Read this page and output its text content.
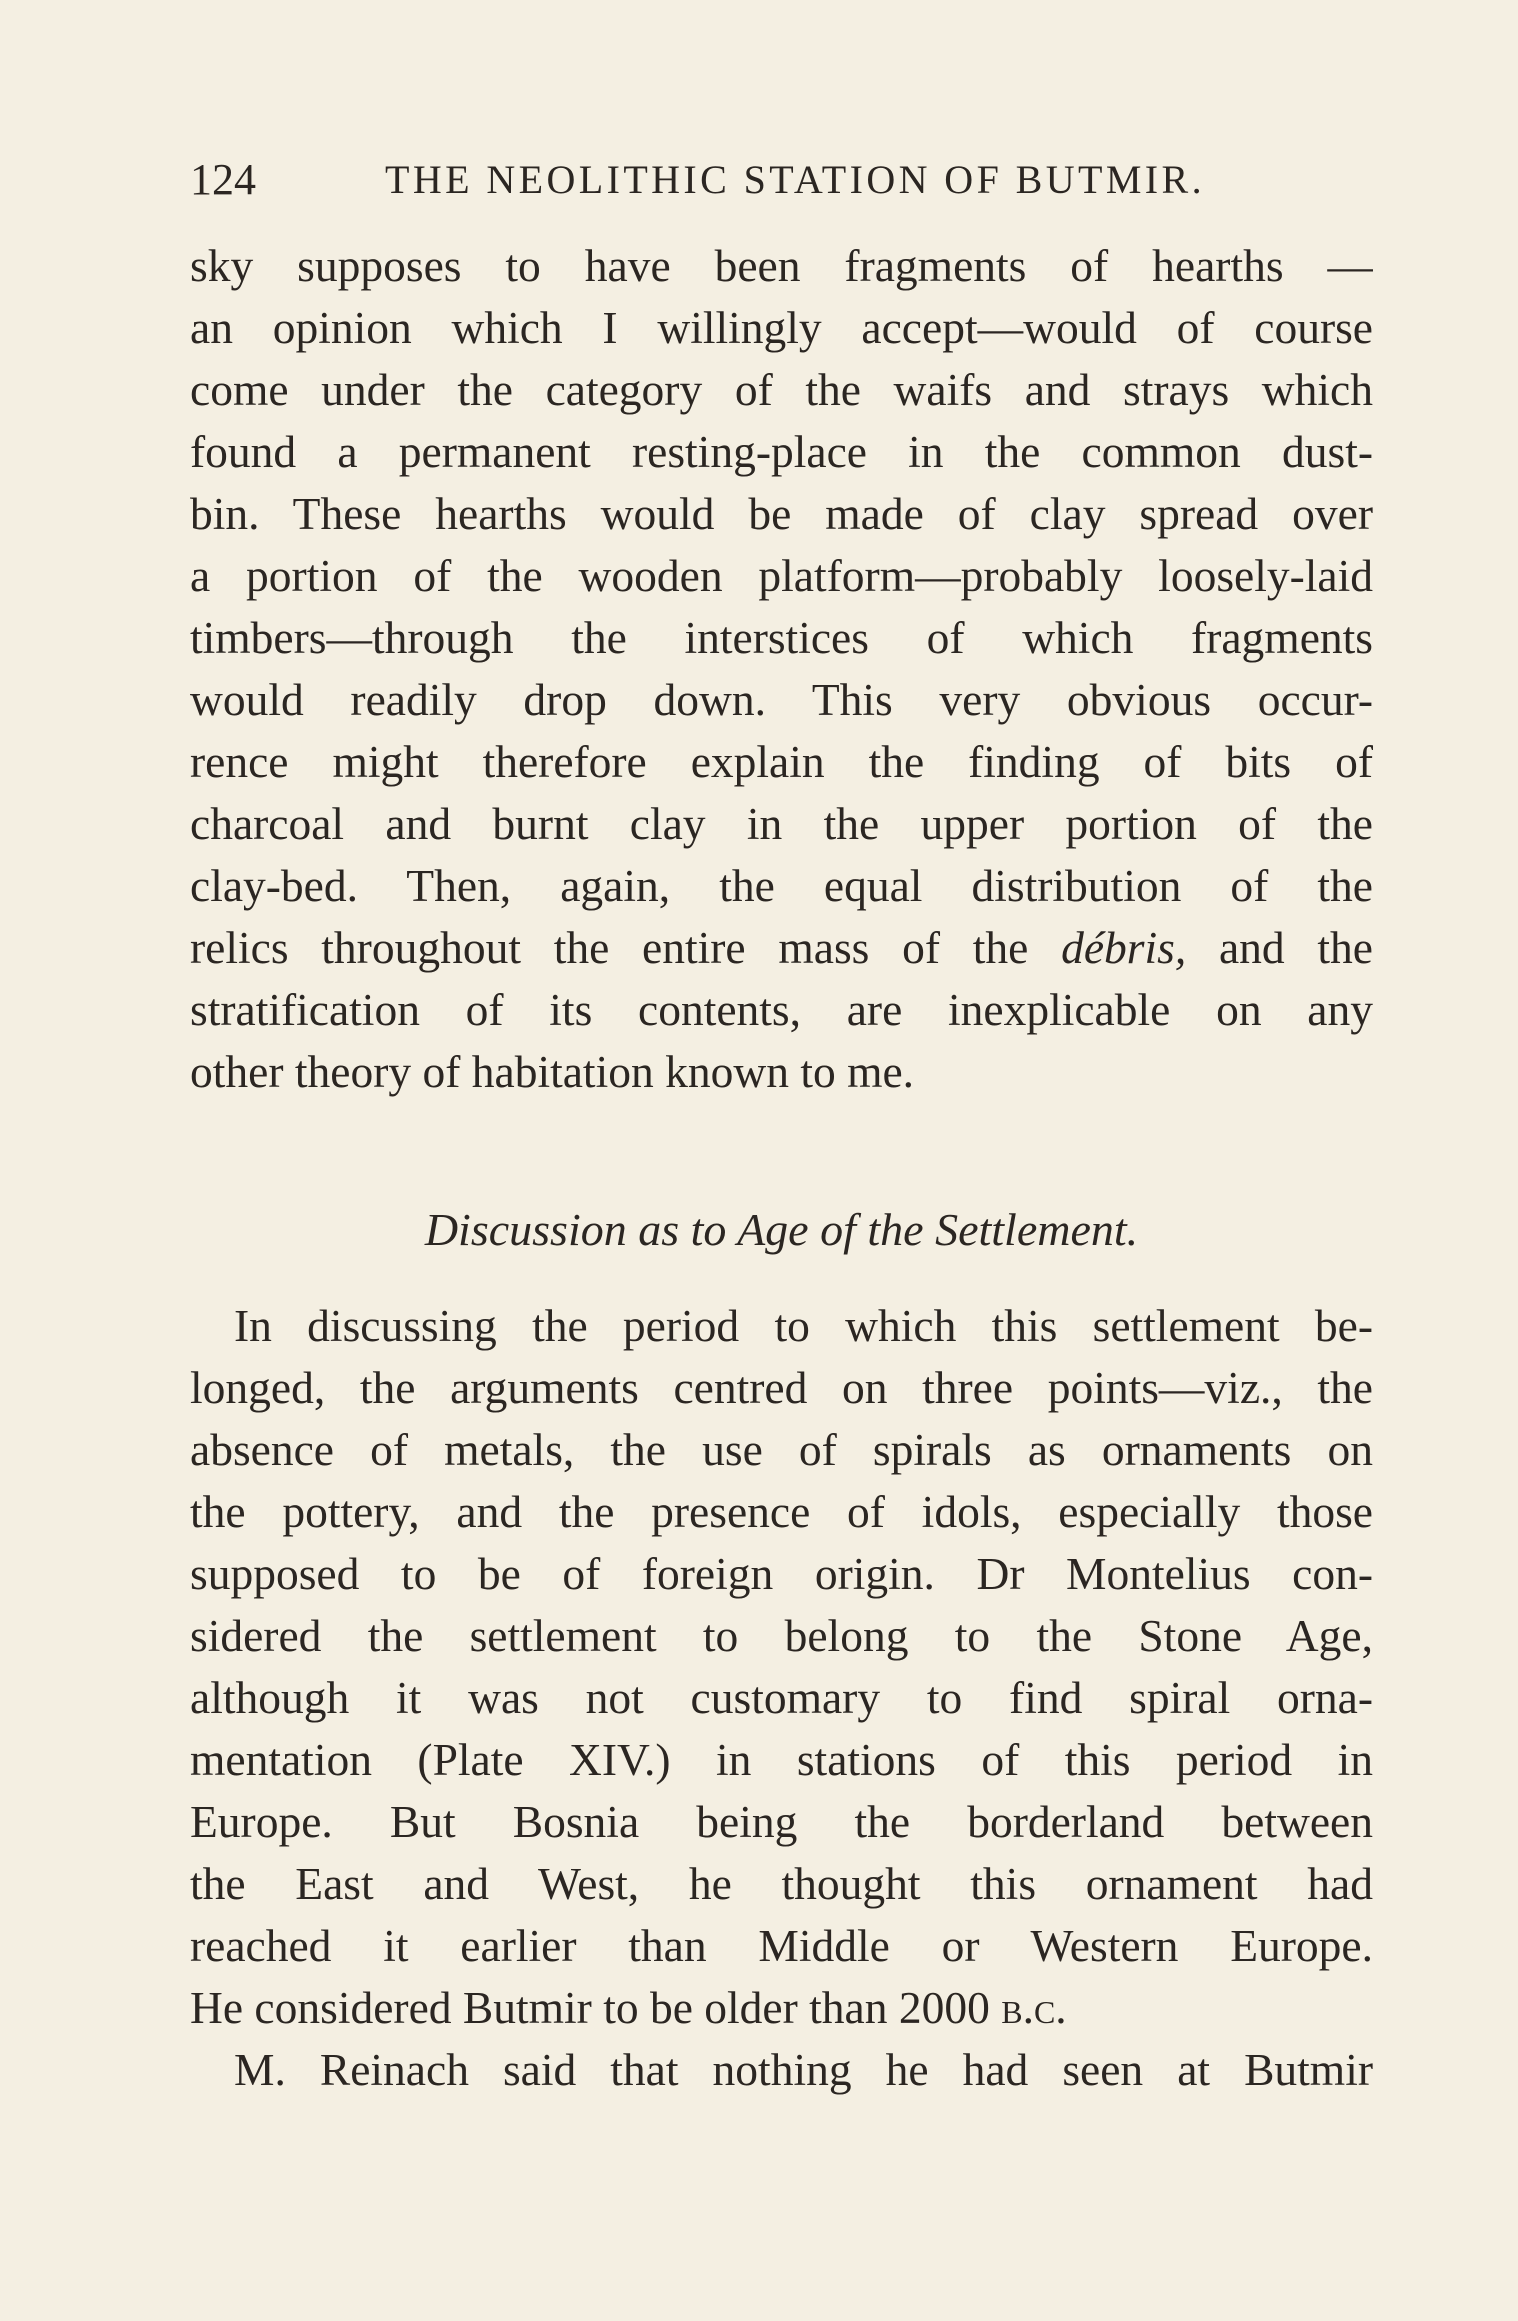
124	THE NEOLITHIC STATION OF BUTMIR.
sky supposes to have been fragments of hearths —
an opinion which I willingly accept—would of course
come under the category of the waifs and strays which
found a permanent resting-place in the common dust-
bin. These hearths would be made of clay spread over
a portion of the wooden platform—probably loosely-laid
timbers—through the interstices of which fragments
would readily drop down. This very obvious occur-
rence might therefore explain the finding of bits of
charcoal and burnt clay in the upper portion of the
clay-bed. Then, again, the equal distribution of the
relics throughout the entire mass of the débris, and the
stratification of its contents, are inexplicable on any
other theory of habitation known to me.
Discussion as to Age of the Settlement.
In discussing the period to which this settlement be-
longed, the arguments centred on three points—viz., the
absence of metals, the use of spirals as ornaments on
the pottery, and the presence of idols, especially those
supposed to be of foreign origin. Dr Montelius con-
sidered the settlement to belong to the Stone Age,
although it was not customary to find spiral orna-
mentation (Plate XIV.) in stations of this period in
Europe. But Bosnia being the borderland between
the East and West, he thought this ornament had
reached it earlier than Middle or Western Europe.
He considered Butmir to be older than 2000 b.c.
M. Reinach said that nothing he had seen at Butmir
